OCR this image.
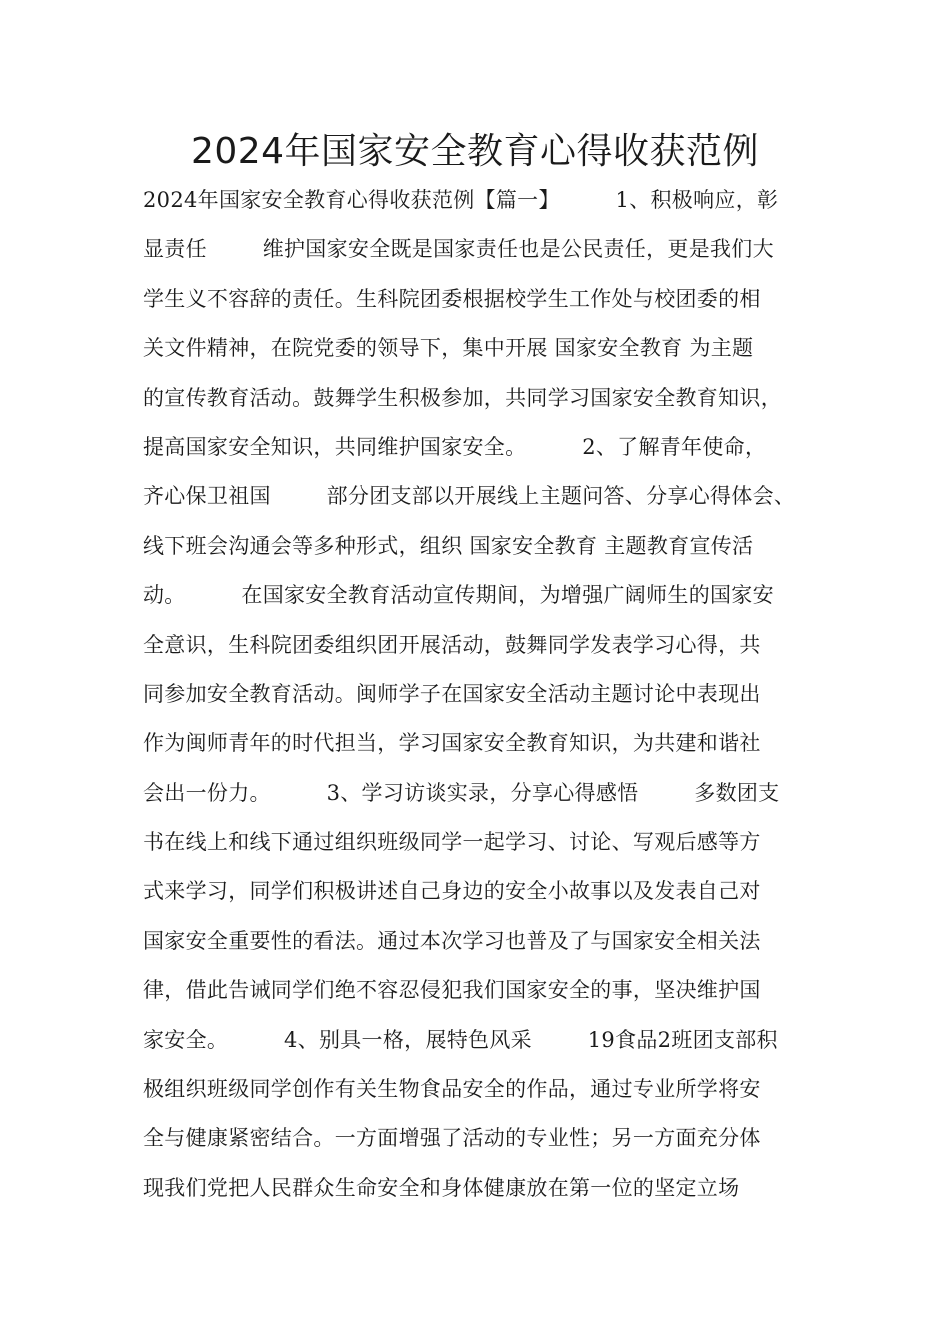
2024年国家安全教育心得收获范例
2024年国家安全教育心得收获范例【篇一】        1、积极响应，彰
显责任        维护国家安全既是国家责任也是公民责任，更是我们大
学生义不容辞的责任。生科院团委根据校学生工作处与校团委的相
关文件精神，在院党委的领导下，集中开展 国家安全教育 为主题
的宣传教育活动。鼓舞学生积极参加，共同学习国家安全教育知识，
提高国家安全知识，共同维护国家安全。        2、了解青年使命，
齐心保卫祖国        部分团支部以开展线上主题问答、分享心得体会、
线下班会沟通会等多种形式，组织 国家安全教育 主题教育宣传活
动。        在国家安全教育活动宣传期间，为增强广阔师生的国家安
全意识，生科院团委组织团开展活动，鼓舞同学发表学习心得，共
同参加安全教育活动。闽师学子在国家安全活动主题讨论中表现出
作为闽师青年的时代担当，学习国家安全教育知识，为共建和谐社
会出一份力。        3、学习访谈实录，分享心得感悟        多数团支
书在线上和线下通过组织班级同学一起学习、讨论、写观后感等方
式来学习，同学们积极讲述自己身边的安全小故事以及发表自己对
国家安全重要性的看法。通过本次学习也普及了与国家安全相关法
律，借此告诫同学们绝不容忍侵犯我们国家安全的事，坚决维护国
家安全。        4、别具一格，展特色风采        19食品2班团支部积
极组织班级同学创作有关生物食品安全的作品，通过专业所学将安
全与健康紧密结合。一方面增强了活动的专业性；另一方面充分体
现我们党把人民群众生命安全和身体健康放在第一位的坚定立场
